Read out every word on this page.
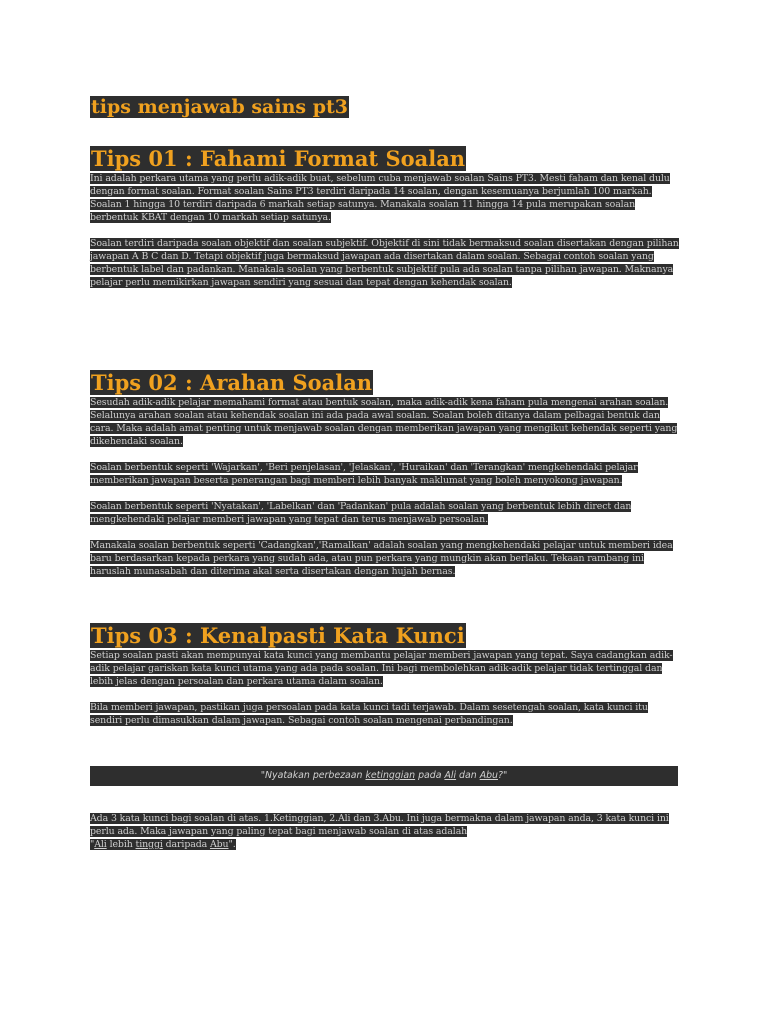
tips menjawab sains pt3
Tips 01 : Fahami Format Soalan

Ini adalah perkara utama yang perlu adik-adik buat, sebelum cuba menjawab soalan Sains PT3. Mesti faham dan kenal dulu dengan format soalan. Format soalan Sains PT3 terdiri daripada 14 soalan, dengan kesemuanya berjumlah 100 markah. Soalan 1 hingga 10 terdiri daripada 6 markah setiap satunya. Manakala soalan 11 hingga 14 pula merupakan soalan berbentuk KBAT dengan 10 markah setiap satunya.

Soalan terdiri daripada soalan objektif dan soalan subjektif. Objektif di sini tidak bermaksud soalan disertakan dengan pilihan jawapan A B C dan D. Tetapi objektif juga bermaksud jawapan ada disertakan dalam soalan. Sebagai contoh soalan yang berbentuk label dan padankan. Manakala soalan yang berbentuk subjektif pula ada soalan tanpa pilihan jawapan. Maknanya pelajar perlu memikirkan jawapan sendiri yang sesuai dan tepat dengan kehendak soalan.

Tips 02 : Arahan Soalan

Sesudah adik-adik pelajar memahami format atau bentuk soalan, maka adik-adik kena faham pula mengenai arahan soalan. Selalunya arahan soalan atau kehendak soalan ini ada pada awal soalan. Soalan boleh ditanya dalam pelbagai bentuk dan cara. Maka adalah amat penting untuk menjawab soalan dengan memberikan jawapan yang mengikut kehendak seperti yang dikehendaki soalan.

Soalan berbentuk seperti 'Wajarkan', 'Beri penjelasan', 'Jelaskan', 'Huraikan' dan 'Terangkan' mengkehendaki pelajar memberikan jawapan beserta penerangan bagi memberi lebih banyak maklumat yang boleh menyokong jawapan.

Soalan berbentuk seperti 'Nyatakan', 'Labelkan' dan 'Padankan' pula adalah soalan yang berbentuk lebih direct dan mengkehendaki pelajar memberi jawapan yang tepat dan terus menjawab persoalan.

Manakala soalan berbentuk seperti 'Cadangkan','Ramalkan' adalah soalan yang mengkehendaki pelajar untuk memberi idea baru berdasarkan kepada perkara yang sudah ada, atau pun perkara yang mungkin akan berlaku. Tekaan rambang ini haruslah munasabah dan diterima akal serta disertakan dengan hujah bernas.

Tips 03 : Kenalpasti Kata Kunci

Setiap soalan pasti akan mempunyai kata kunci yang membantu pelajar memberi jawapan yang tepat. Saya cadangkan adik-adik pelajar gariskan kata kunci utama yang ada pada soalan. Ini bagi membolehkan adik-adik pelajar tidak tertinggal dan lebih jelas dengan persoalan dan perkara utama dalam soalan.

Bila memberi jawapan, pastikan juga persoalan pada kata kunci tadi terjawab. Dalam sesetengah soalan, kata kunci itu sendiri perlu dimasukkan dalam jawapan. Sebagai contoh soalan mengenai perbandingan.

"Nyatakan perbezaan ketinggian pada Ali dan Abu?"

Ada 3 kata kunci bagi soalan di atas. 1.Ketinggian, 2.Ali dan 3.Abu. Ini juga bermakna dalam jawapan anda, 3 kata kunci ini perlu ada. Maka jawapan yang paling tepat bagi menjawab soalan di atas adalah

"Ali lebih tinggi daripada Abu".
